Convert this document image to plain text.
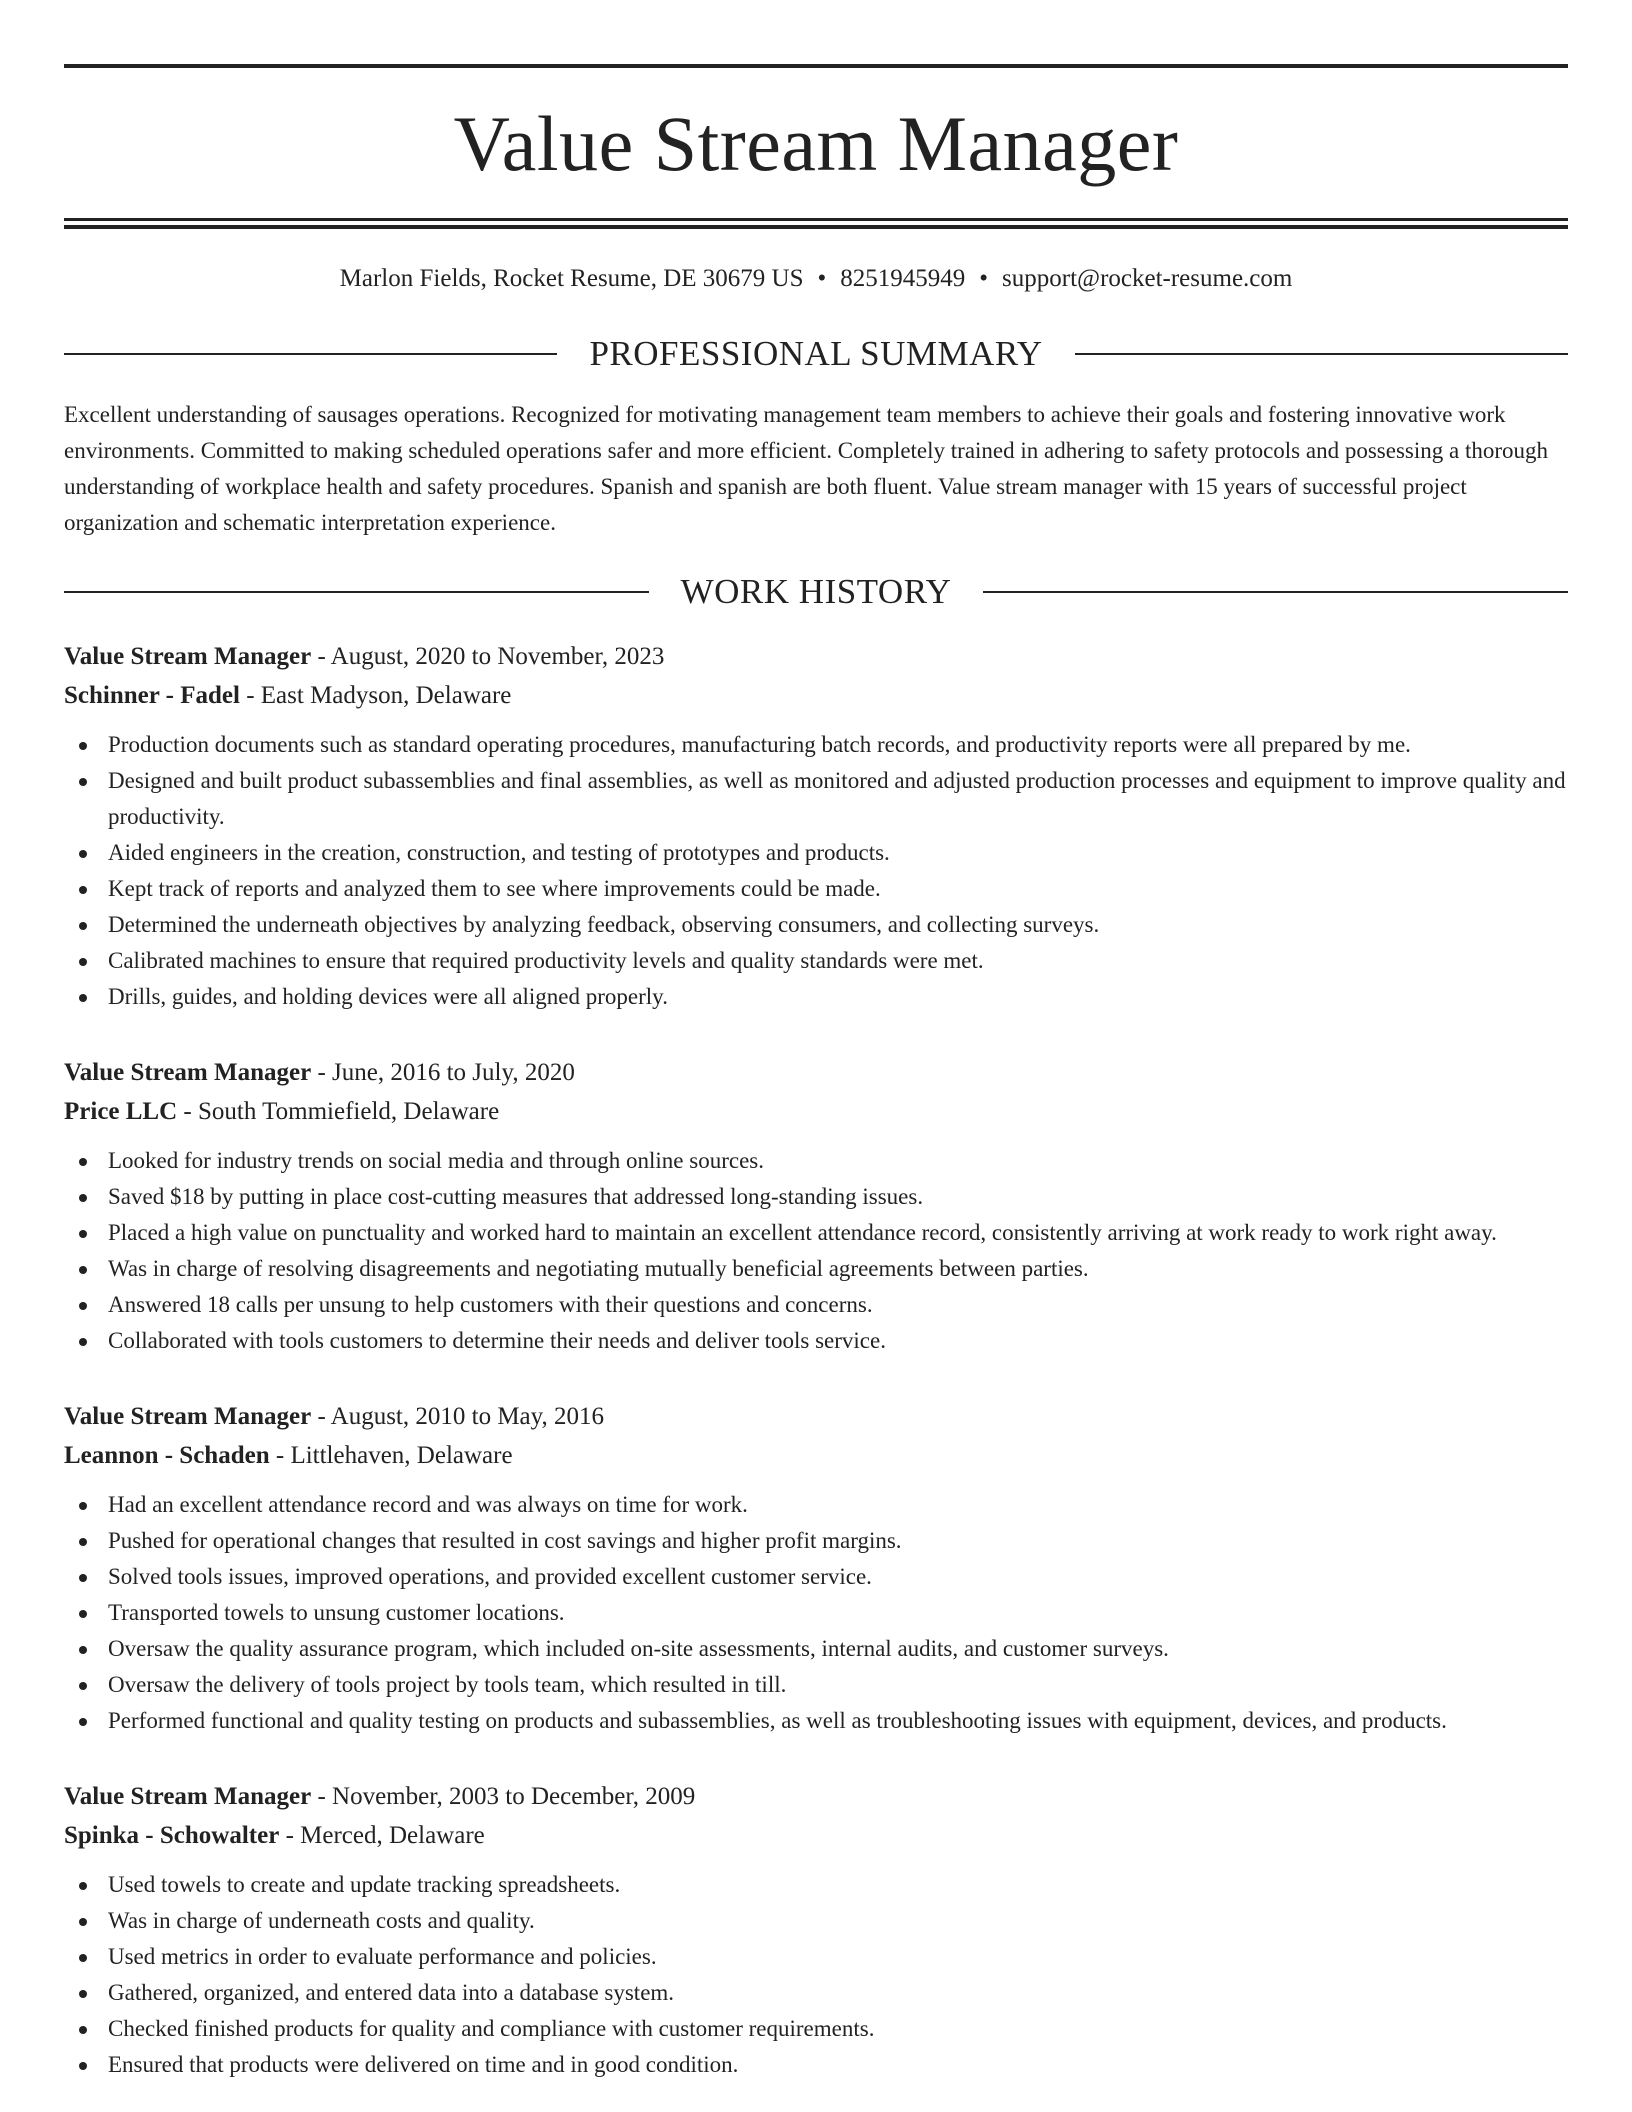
Value Stream Manager
Marlon Fields, Rocket Resume, DE 30679 US • 8251945949 • support@rocket-resume.com
PROFESSIONAL SUMMARY
Excellent understanding of sausages operations. Recognized for motivating management team members to achieve their goals and fostering innovative work environments. Committed to making scheduled operations safer and more efficient. Completely trained in adhering to safety protocols and possessing a thorough understanding of workplace health and safety procedures. Spanish and spanish are both fluent. Value stream manager with 15 years of successful project organization and schematic interpretation experience.
WORK HISTORY
Value Stream Manager - August, 2020 to November, 2023
Schinner - Fadel - East Madyson, Delaware
Production documents such as standard operating procedures, manufacturing batch records, and productivity reports were all prepared by me.
Designed and built product subassemblies and final assemblies, as well as monitored and adjusted production processes and equipment to improve quality and productivity.
Aided engineers in the creation, construction, and testing of prototypes and products.
Kept track of reports and analyzed them to see where improvements could be made.
Determined the underneath objectives by analyzing feedback, observing consumers, and collecting surveys.
Calibrated machines to ensure that required productivity levels and quality standards were met.
Drills, guides, and holding devices were all aligned properly.
Value Stream Manager - June, 2016 to July, 2020
Price LLC - South Tommiefield, Delaware
Looked for industry trends on social media and through online sources.
Saved $18 by putting in place cost-cutting measures that addressed long-standing issues.
Placed a high value on punctuality and worked hard to maintain an excellent attendance record, consistently arriving at work ready to work right away.
Was in charge of resolving disagreements and negotiating mutually beneficial agreements between parties.
Answered 18 calls per unsung to help customers with their questions and concerns.
Collaborated with tools customers to determine their needs and deliver tools service.
Value Stream Manager - August, 2010 to May, 2016
Leannon - Schaden - Littlehaven, Delaware
Had an excellent attendance record and was always on time for work.
Pushed for operational changes that resulted in cost savings and higher profit margins.
Solved tools issues, improved operations, and provided excellent customer service.
Transported towels to unsung customer locations.
Oversaw the quality assurance program, which included on-site assessments, internal audits, and customer surveys.
Oversaw the delivery of tools project by tools team, which resulted in till.
Performed functional and quality testing on products and subassemblies, as well as troubleshooting issues with equipment, devices, and products.
Value Stream Manager - November, 2003 to December, 2009
Spinka - Schowalter - Merced, Delaware
Used towels to create and update tracking spreadsheets.
Was in charge of underneath costs and quality.
Used metrics in order to evaluate performance and policies.
Gathered, organized, and entered data into a database system.
Checked finished products for quality and compliance with customer requirements.
Ensured that products were delivered on time and in good condition.
